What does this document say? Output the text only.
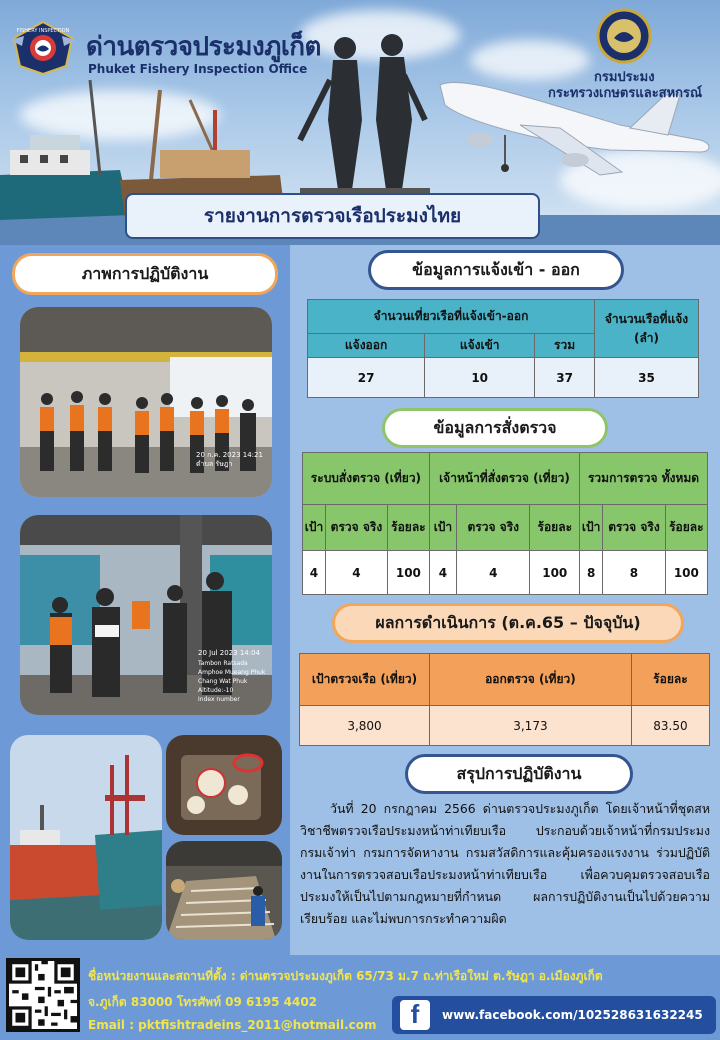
FISHERY INSPECTION
ด่านตรวจประมงภูเก็ต
Phuket Fishery Inspection Office
กรมประมง
กระทรวงเกษตรและสหกรณ์
รายงานการตรวจเรือประมงไทย
ภาพการปฏิบัติงาน
20 ก.ค. 2023 14:21
ตำบล รัษฎา
20 Jul 2023 14:04
Tambon Ratsada
Amphoe Mueang Phuk
Chang Wat Phuk
Altitude:-10
Index number
ข้อมูลการแจ้งเข้า - ออก
จำนวนเที่ยวเรือที่แจ้งเข้า-ออก			จำนวนเรือที่แจ้ง (ลำ)
แจ้งออก	แจ้งเข้า	รวม	
27	10	37	35
ข้อมูลการสั่งตรวจ
ระบบสั่งตรวจ (เที่ยว)			เจ้าหน้าที่สั่งตรวจ (เที่ยว)			รวมการตรวจ ทั้งหมด		
เป้า	ตรวจ จริง	ร้อยละ	เป้า	ตรวจ จริง	ร้อยละ	เป้า	ตรวจ จริง	ร้อยละ
4	4	100	4	4	100	8	8	100
ผลการดำเนินการ (ต.ค.65 – ปัจจุบัน)
เป้าตรวจเรือ (เที่ยว)	ออกตรวจ (เที่ยว)	ร้อยละ
3,800	3,173	83.50
สรุปการปฏิบัติงาน
วันที่ 20 กรกฎาคม 2566 ด่านตรวจประมงภูเก็ต โดยเจ้าหน้าที่ชุดสหวิชาชีพตรวจเรือประมงหน้าท่าเทียบเรือ ประกอบด้วยเจ้าหน้าที่กรมประมง กรมเจ้าท่า กรมการจัดหางาน กรมสวัสดิการและคุ้มครองแรงงาน ร่วมปฏิบัติงานในการตรวจสอบเรือประมงหน้าท่าเทียบเรือ เพื่อควบคุมตรวจสอบเรือประมงให้เป็นไปตามกฎหมายที่กำหนด ผลการปฏิบัติงานเป็นไปด้วยความเรียบร้อย และไม่พบการกระทำความผิด
ชื่อหน่วยงานและสถานที่ตั้ง : ด่านตรวจประมงภูเก็ต 65/73 ม.7 ถ.ท่าเรือใหม่ ต.รัษฎา อ.เมืองภูเก็ต
จ.ภูเก็ต 83000 โทรศัพท์ 09 6195 4402
Email : pktfishtradeins_2011@hotmail.com	f	www.facebook.com/102528631632245
